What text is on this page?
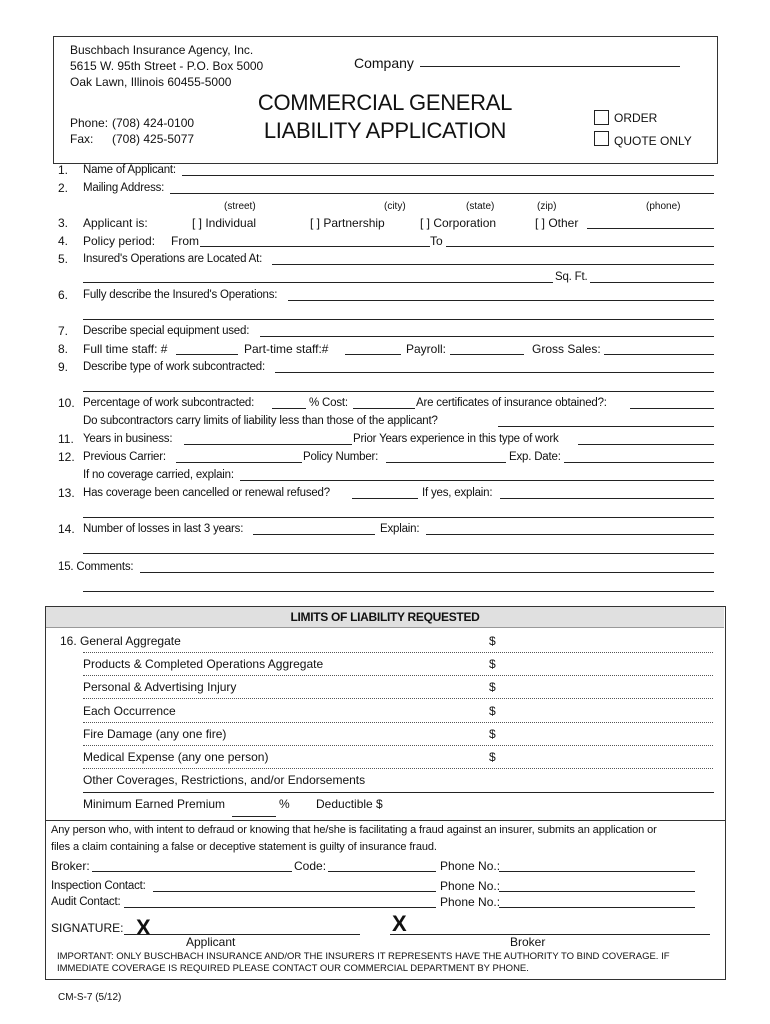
Buschbach Insurance Agency, Inc.
5615 W. 95th Street - P.O. Box 5000
Oak Lawn, Illinois 60455-5000
Phone: (708) 424-0100
Fax: (708) 425-5077
Company
COMMERCIAL GENERAL
LIABILITY APPLICATION	ORDER
QUOTE ONLY
1. Name of Applicant:
2. Mailing Address:
(street)	(city)	(state)	(zip)	(phone)
3. Applicant is:	[ ] Individual	[ ] Partnership	[ ] Corporation	[ ] Other
4. Policy period: From	To
5. Insured's Operations are Located At:
Sq. Ft.
6. Fully describe the Insured's Operations:
7. Describe special equipment used:
8. Full time staff: #	Part-time staff:#	Payroll:	Gross Sales:
9. Describe type of work subcontracted:
10. Percentage of work subcontracted:	% Cost:	Are certificates of insurance obtained?:
Do subcontractors carry limits of liability less than those of the applicant?
11. Years in business:	Prior Years experience in this type of work
12. Previous Carrier:	Policy Number:	Exp. Date:
If no coverage carried, explain:
13. Has coverage been cancelled or renewal refused?	If yes, explain:
14. Number of losses in last 3 years:	Explain:
15. Comments:
LIMITS OF LIABILITY REQUESTED
16. General Aggregate	$
Products & Completed Operations Aggregate	$
Personal & Advertising Injury	$
Each Occurrence	$
Fire Damage (any one fire)	$
Medical Expense (any one person)	$
Other Coverages, Restrictions, and/or Endorsements
Minimum Earned Premium	% Deductible $
Any person who, with intent to defraud or knowing that he/she is facilitating a fraud against an insurer, submits an application or
files a claim containing a false or deceptive statement is guilty of insurance fraud.
Broker:	Code:	Phone No.:
Inspection Contact:	Phone No.:
Audit Contact:	Phone No.:
SIGNATURE: X	X
Applicant	Broker
IMPORTANT: ONLY BUSCHBACH INSURANCE AND/OR THE INSURERS IT REPRESENTS HAVE THE AUTHORITY TO BIND COVERAGE. IF
IMMEDIATE COVERAGE IS REQUIRED PLEASE CONTACT OUR COMMERCIAL DEPARTMENT BY PHONE.
CM-S-7 (5/12)
